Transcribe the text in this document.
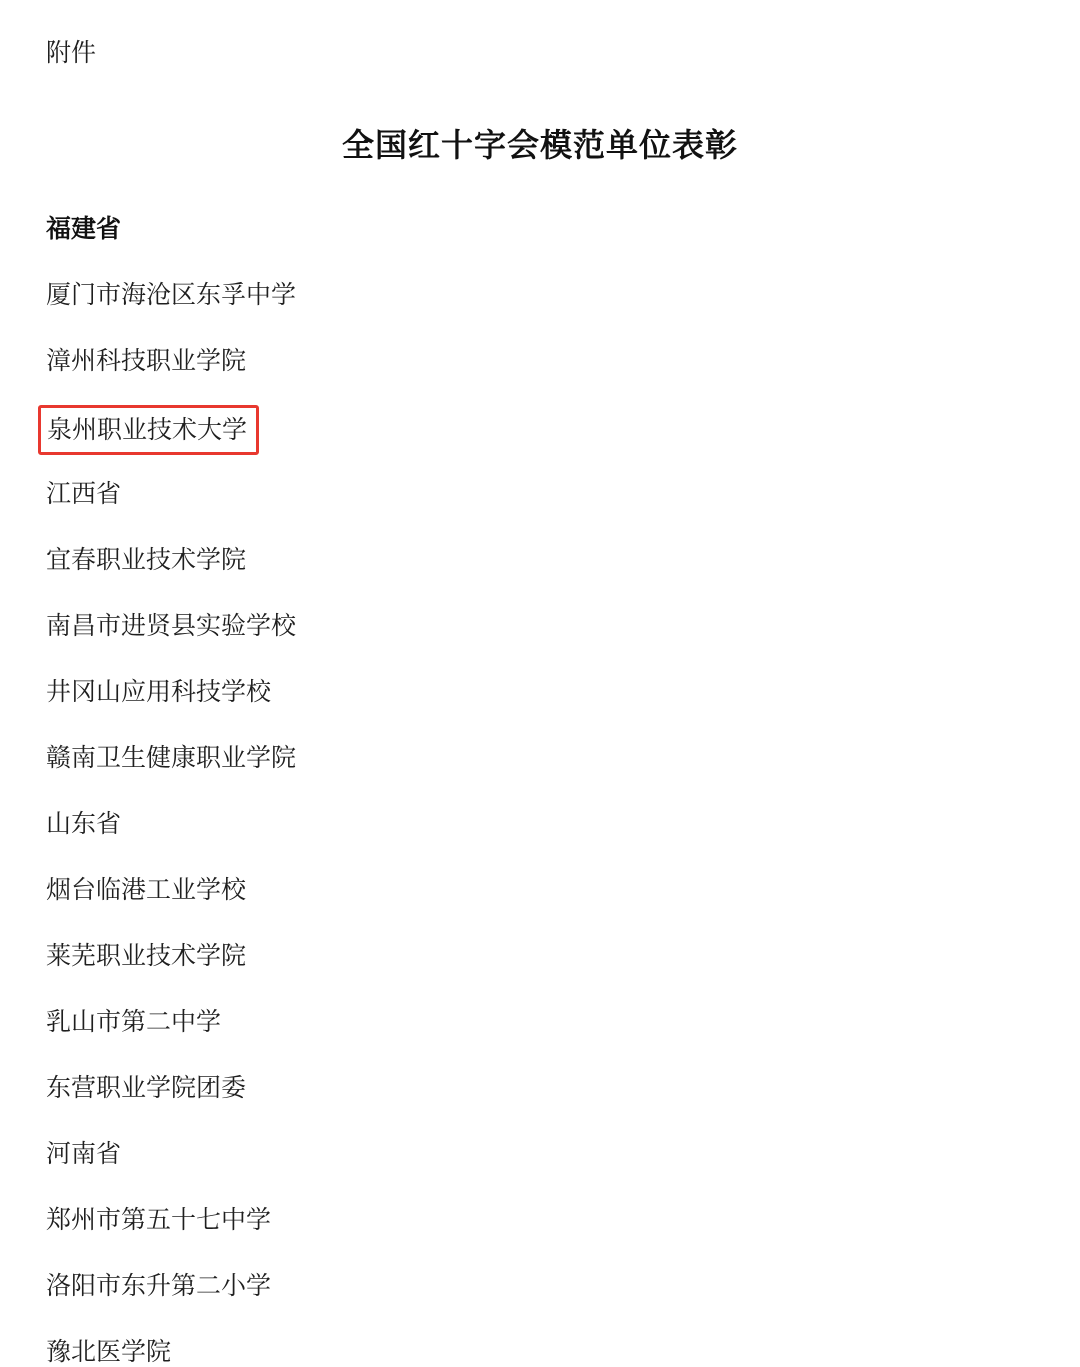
附件
全国红十字会模范单位表彰
福建省
厦门市海沧区东孚中学
漳州科技职业学院
泉州职业技术大学
江西省
宜春职业技术学院
南昌市进贤县实验学校
井冈山应用科技学校
赣南卫生健康职业学院
山东省
烟台临港工业学校
莱芜职业技术学院
乳山市第二中学
东营职业学院团委
河南省
郑州市第五十七中学
洛阳市东升第二小学
豫北医学院
